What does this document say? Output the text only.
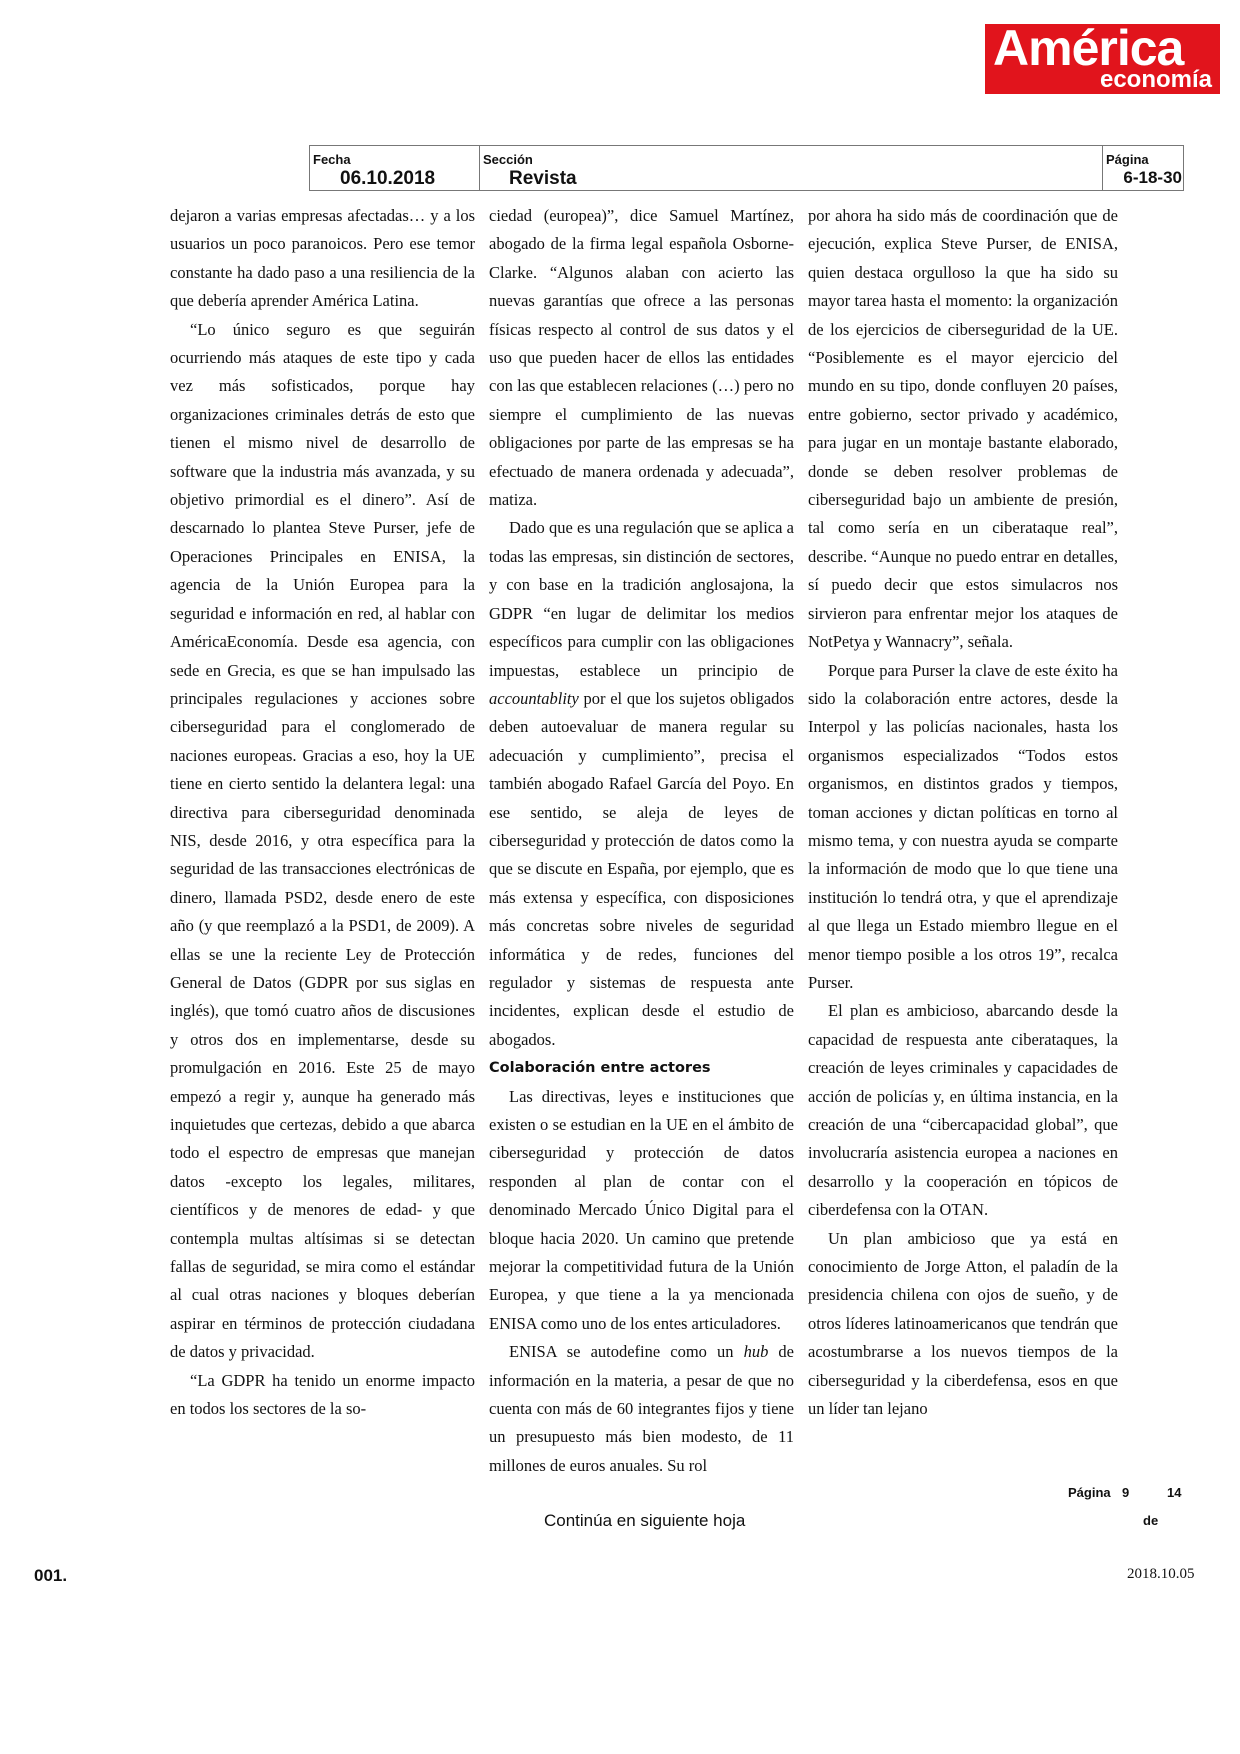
América
economía
Fecha
06.10.2018
Sección
Revista
Página
6-18-30

dejaron a varias empresas afectadas… y a los usuarios un poco paranoicos. Pero ese temor constante ha dado paso a una resiliencia de la que debería aprender América Latina.

“Lo único seguro es que seguirán ocurriendo más ataques de este tipo y cada vez más sofisticados, porque hay organizaciones criminales detrás de esto que tienen el mismo nivel de desarrollo de software que la industria más avanzada, y su objetivo primordial es el dinero”. Así de descarnado lo plantea Steve Purser, jefe de Operaciones Principales en ENISA, la agencia de la Unión Europea para la seguridad e información en red, al hablar con AméricaEconomía. Desde esa agencia, con sede en Grecia, es que se han impulsado las principales regulaciones y acciones sobre ciberseguridad para el conglomerado de naciones europeas. Gracias a eso, hoy la UE tiene en cierto sentido la delantera legal: una directiva para ciberseguridad denominada NIS, desde 2016, y otra específica para la seguridad de las transacciones electrónicas de dinero, llamada PSD2, desde enero de este año (y que reemplazó a la PSD1, de 2009). A ellas se une la reciente Ley de Protección General de Datos (GDPR por sus siglas en inglés), que tomó cuatro años de discusiones y otros dos en implementarse, desde su promulgación en 2016. Este 25 de mayo empezó a regir y, aunque ha generado más inquietudes que certezas, debido a que abarca todo el espectro de empresas que manejan datos -excepto los legales, militares, científicos y de menores de edad- y que contempla multas altísimas si se detectan fallas de seguridad, se mira como el estándar al cual otras naciones y bloques deberían aspirar en términos de protección ciudadana de datos y privacidad.

“La GDPR ha tenido un enorme impacto en todos los sectores de la so-

ciedad (europea)”, dice Samuel Martínez, abogado de la firma legal española Osborne-Clarke. “Algunos alaban con acierto las nuevas garantías que ofrece a las personas físicas respecto al control de sus datos y el uso que pueden hacer de ellos las entidades con las que establecen relaciones (…) pero no siempre el cumplimiento de las nuevas obligaciones por parte de las empresas se ha efectuado de manera ordenada y adecuada”, matiza.

Dado que es una regulación que se aplica a todas las empresas, sin distinción de sectores, y con base en la tradición anglosajona, la GDPR “en lugar de delimitar los medios específicos para cumplir con las obligaciones impuestas, establece un principio de accountablity por el que los sujetos obligados deben autoevaluar de manera regular su adecuación y cumplimiento”, precisa el también abogado Rafael García del Poyo. En ese sentido, se aleja de leyes de ciberseguridad y protección de datos como la que se discute en España, por ejemplo, que es más extensa y específica, con disposiciones más concretas sobre niveles de seguridad informática y de redes, funciones del regulador y sistemas de respuesta ante incidentes, explican desde el estudio de abogados.

Colaboración entre actores

Las directivas, leyes e instituciones que existen o se estudian en la UE en el ámbito de ciberseguridad y protección de datos responden al plan de contar con el denominado Mercado Único Digital para el bloque hacia 2020. Un camino que pretende mejorar la competitividad futura de la Unión Europea, y que tiene a la ya mencionada ENISA como uno de los entes articuladores.

ENISA se autodefine como un hub de información en la materia, a pesar de que no cuenta con más de 60 integrantes fijos y tiene un presupuesto más bien modesto, de 11 millones de euros anuales. Su rol

por ahora ha sido más de coordinación que de ejecución, explica Steve Purser, de ENISA, quien destaca orgulloso la que ha sido su mayor tarea hasta el momento: la organización de los ejercicios de ciberseguridad de la UE. “Posiblemente es el mayor ejercicio del mundo en su tipo, donde confluyen 20 países, entre gobierno, sector privado y académico, para jugar en un montaje bastante elaborado, donde se deben resolver problemas de ciberseguridad bajo un ambiente de presión, tal como sería en un ciberataque real”, describe. “Aunque no puedo entrar en detalles, sí puedo decir que estos simulacros nos sirvieron para enfrentar mejor los ataques de NotPetya y Wannacry”, señala.

Porque para Purser la clave de este éxito ha sido la colaboración entre actores, desde la Interpol y las policías nacionales, hasta los organismos especializados “Todos estos organismos, en distintos grados y tiempos, toman acciones y dictan políticas en torno al mismo tema, y con nuestra ayuda se comparte la información de modo que lo que tiene una institución lo tendrá otra, y que el aprendizaje al que llega un Estado miembro llegue en el menor tiempo posible a los otros 19”, recalca Purser.

El plan es ambicioso, abarcando desde la capacidad de respuesta ante ciberataques, la creación de leyes criminales y capacidades de acción de policías y, en última instancia, en la creación de una “cibercapacidad global”, que involucraría asistencia europea a naciones en desarrollo y la cooperación en tópicos de ciberdefensa con la OTAN.

Un plan ambicioso que ya está en conocimiento de Jorge Atton, el paladín de la presidencia chilena con ojos de sueño, y de otros líderes latinoamericanos que tendrán que acostumbrarse a los nuevos tiempos de la ciberseguridad y la ciberdefensa, esos en que un líder tan lejano

Continúa en siguiente hoja
Página 9	14
de
001.	2018.10.05
